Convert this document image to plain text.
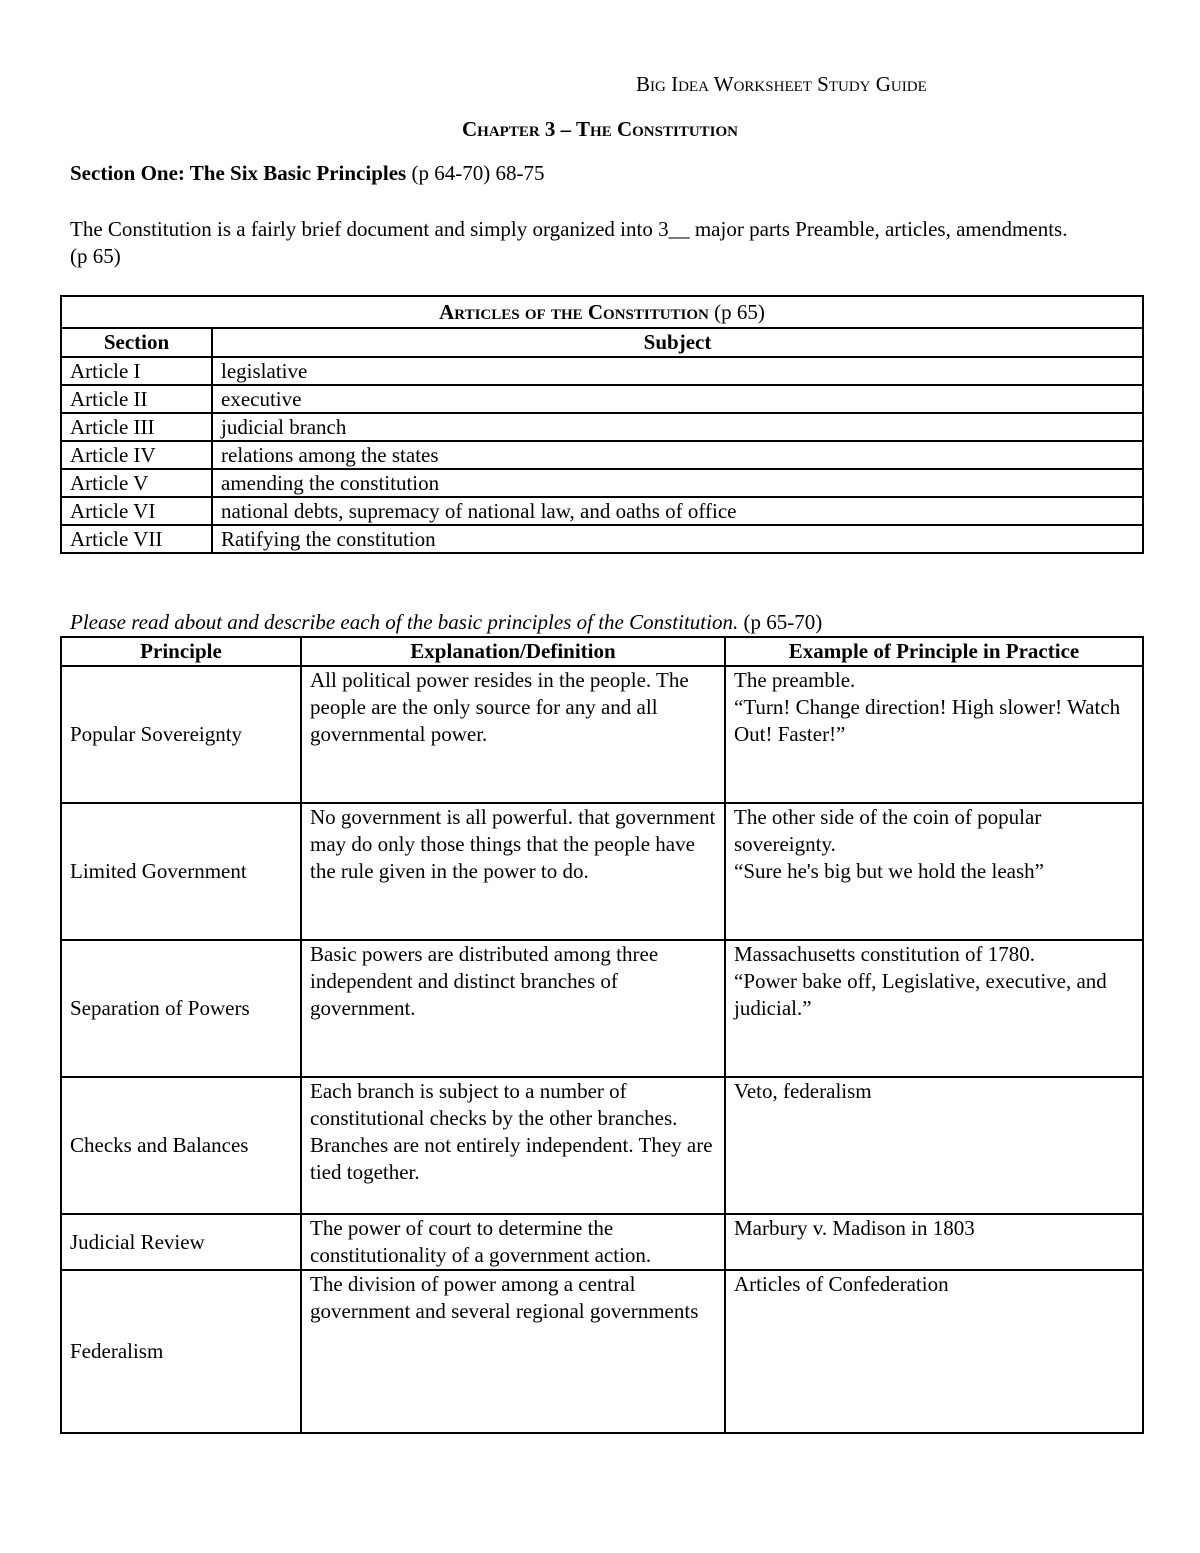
Big Idea Worksheet Study Guide
Chapter 3 – The Constitution
Section One: The Six Basic Principles (p 64-70) 68-75
The Constitution is a fairly brief document and simply organized into 3__ major parts Preamble, articles, amendments. (p 65)
Articles of the Constitution (p 65)	
Section	Subject
Article I	legislative
Article II	executive
Article III	judicial branch
Article IV	relations among the states
Article V	amending the constitution
Article VI	national debts, supremacy of national law, and oaths of office
Article VII	Ratifying the constitution
Please read about and describe each of the basic principles of the Constitution. (p 65-70)
Principle	Explanation/Definition	Example of Principle in Practice
Popular Sovereignty	All political power resides in the people. The people are the only source for any and all governmental power.	The preamble.
“Turn! Change direction! High slower! Watch Out! Faster!”

Limited Government	No government is all powerful. that government may do only those things that the people have the rule given in the power to do.	The other side of the coin of popular sovereignty.
“Sure he's big but we hold the leash”

Separation of Powers	Basic powers are distributed among three independent and distinct branches of government.	Massachusetts constitution of 1780.
“Power bake off, Legislative, executive, and judicial.”

Checks and Balances	Each branch is subject to a number of constitutional checks by the other branches. Branches are not entirely independent. They are tied together.	Veto, federalism

Judicial Review	The power of court to determine the constitutionality of a government action.	Marbury v. Madison in 1803

Federalism	The division of power among a central government and several regional governments	Articles of Confederation
